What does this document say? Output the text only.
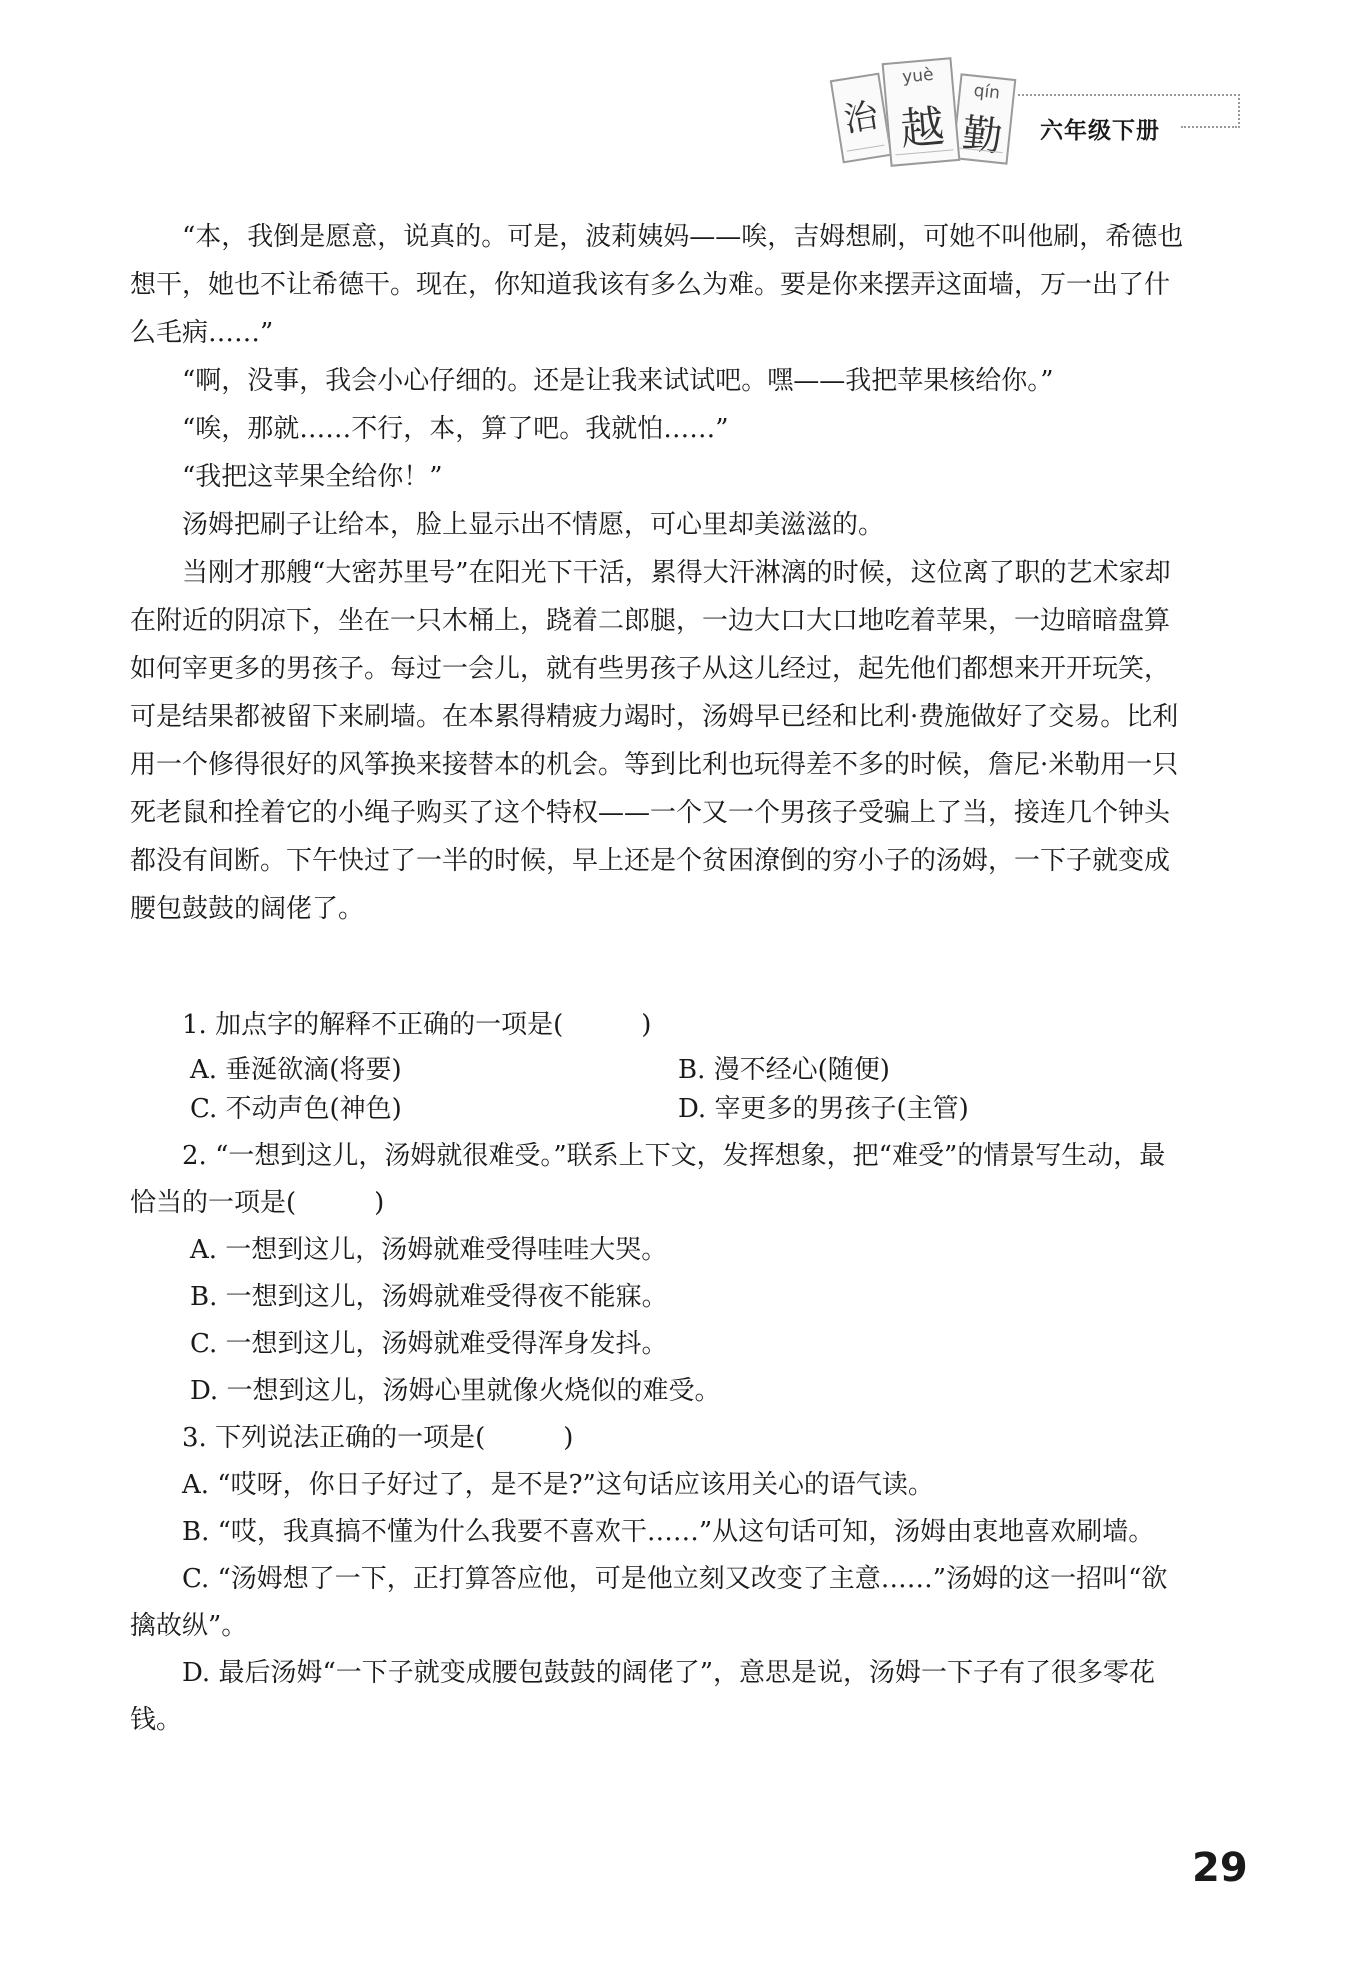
治
yuè
越
qín
勤	六年级下册

“本，我倒是愿意，说真的。可是，波莉姨妈——唉，吉姆想刷，可她不叫他刷，希德也想干，她也不让希德干。现在，你知道我该有多么为难。要是你来摆弄这面墙，万一出了什么毛病……”

“啊，没事，我会小心仔细的。还是让我来试试吧。嘿——我把苹果核给你。”

“唉，那就……不行，本，算了吧。我就怕……”

“我把这苹果全给你！”

汤姆把刷子让给本，脸上显示出不情愿，可心里却美滋滋的。

当刚才那艘“大密苏里号”在阳光下干活，累得大汗淋漓的时候，这位离了职的艺术家却在附近的阴凉下，坐在一只木桶上，跷着二郎腿，一边大口大口地吃着苹果，一边暗暗盘算如何宰更多的男孩子。每过一会儿，就有些男孩子从这儿经过，起先他们都想来开开玩笑，可是结果都被留下来刷墙。在本累得精疲力竭时，汤姆早已经和比利·费施做好了交易。比利用一个修得很好的风筝换来接替本的机会。等到比利也玩得差不多的时候，詹尼·米勒用一只死老鼠和拴着它的小绳子购买了这个特权——一个又一个男孩子受骗上了当，接连几个钟头都没有间断。下午快过了一半的时候，早上还是个贫困潦倒的穷小子的汤姆，一下子就变成腰包鼓鼓的阔佬了。

1. 加点字的解释不正确的一项是(　　　)

A. 垂涎欲滴(将要)	B. 漫不经心(随便)
C. 不动声色(神色)	D. 宰更多的男孩子(主管)

2. “一想到这儿，汤姆就很难受。”联系上下文，发挥想象，把“难受”的情景写生动，最恰当的一项是(　　　)

A. 一想到这儿，汤姆就难受得哇哇大哭。

B. 一想到这儿，汤姆就难受得夜不能寐。

C. 一想到这儿，汤姆就难受得浑身发抖。

D. 一想到这儿，汤姆心里就像火烧似的难受。

3. 下列说法正确的一项是(　　　)

A. “哎呀，你日子好过了，是不是?”这句话应该用关心的语气读。

B. “哎，我真搞不懂为什么我要不喜欢干……”从这句话可知，汤姆由衷地喜欢刷墙。

C. “汤姆想了一下，正打算答应他，可是他立刻又改变了主意……”汤姆的这一招叫“欲擒故纵”。

D. 最后汤姆“一下子就变成腰包鼓鼓的阔佬了”，意思是说，汤姆一下子有了很多零花钱。

29
